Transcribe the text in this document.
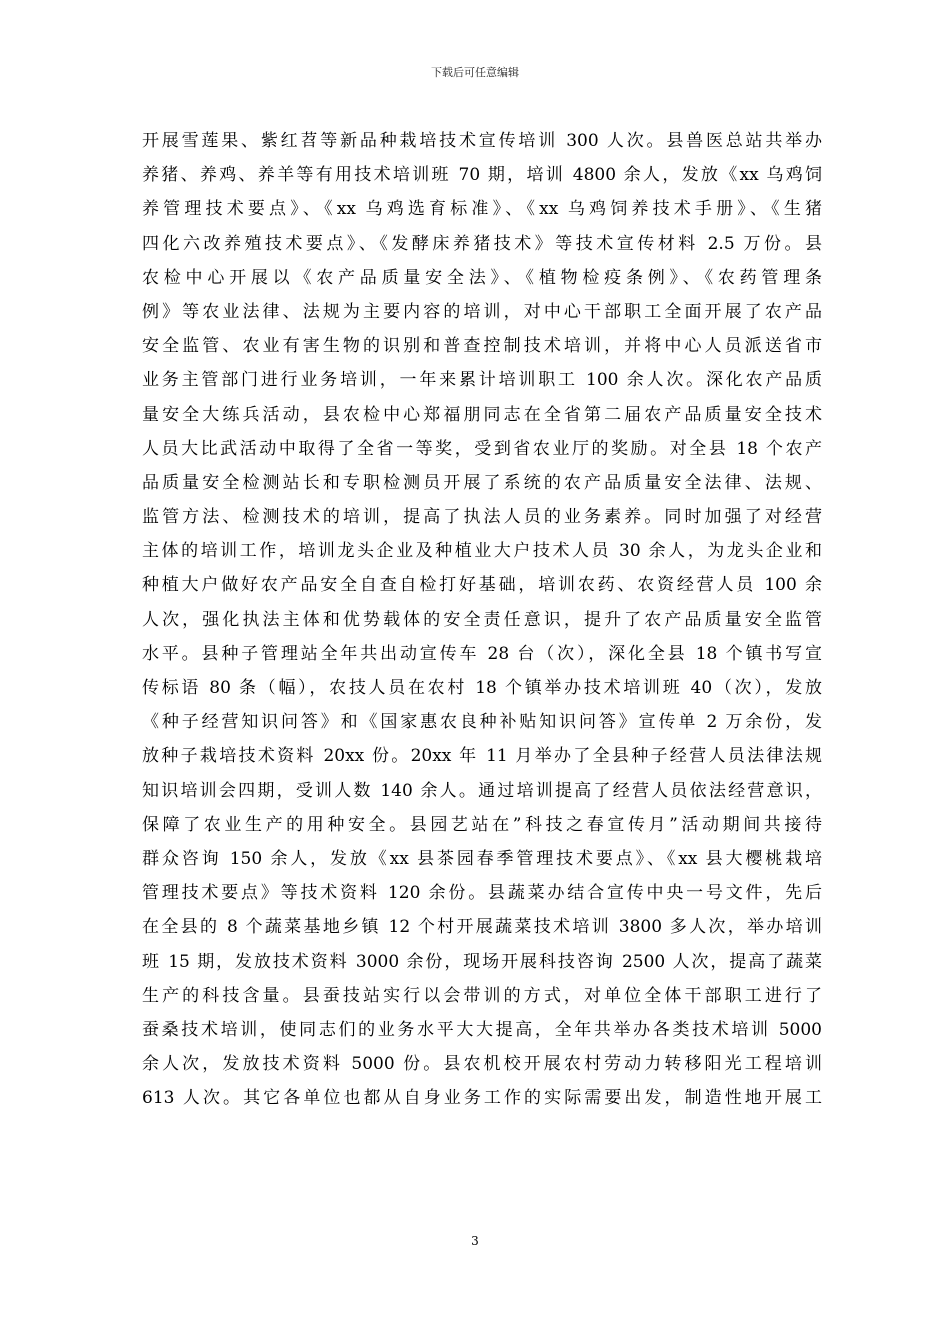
下载后可任意编辑
开展雪莲果、紫红苕等新品种栽培技术宣传培训 300 人次。县兽医总站共举办
养猪、养鸡、养羊等有用技术培训班 70 期，培训 4800 余人，发放《xx 乌鸡饲
养管理技术要点》、《xx 乌鸡选育标准》、《xx 乌鸡饲养技术手册》、《生猪
四化六改养殖技术要点》、《发酵床养猪技术》等技术宣传材料 2.5 万份。县
农检中心开展以《农产品质量安全法》、《植物检疫条例》、《农药管理条
例》等农业法律、法规为主要内容的培训，对中心干部职工全面开展了农产品
安全监管、农业有害生物的识别和普查控制技术培训，并将中心人员派送省市
业务主管部门进行业务培训，一年来累计培训职工 100 余人次。深化农产品质
量安全大练兵活动，县农检中心郑福朋同志在全省第二届农产品质量安全技术
人员大比武活动中取得了全省一等奖，受到省农业厅的奖励。对全县 18 个农产
品质量安全检测站长和专职检测员开展了系统的农产品质量安全法律、法规、
监管方法、检测技术的培训，提高了执法人员的业务素养。同时加强了对经营
主体的培训工作，培训龙头企业及种植业大户技术人员 30 余人，为龙头企业和
种植大户做好农产品安全自查自检打好基础，培训农药、农资经营人员 100 余
人次，强化执法主体和优势载体的安全责任意识，提升了农产品质量安全监管
水平。县种子管理站全年共出动宣传车 28 台（次），深化全县 18 个镇书写宣
传标语 80 条（幅），农技人员在农村 18 个镇举办技术培训班 40（次），发放
《种子经营知识问答》和《国家惠农良种补贴知识问答》宣传单 2 万余份，发
放种子栽培技术资料 20xx 份。20xx 年 11 月举办了全县种子经营人员法律法规
知识培训会四期，受训人数 140 余人。通过培训提高了经营人员依法经营意识，
保障了农业生产的用种安全。县园艺站在”科技之春宣传月”活动期间共接待
群众咨询 150 余人，发放《xx 县茶园春季管理技术要点》、《xx 县大樱桃栽培
管理技术要点》等技术资料 120 余份。县蔬菜办结合宣传中央一号文件，先后
在全县的 8 个蔬菜基地乡镇 12 个村开展蔬菜技术培训 3800 多人次，举办培训
班 15 期，发放技术资料 3000 余份，现场开展科技咨询 2500 人次，提高了蔬菜
生产的科技含量。县蚕技站实行以会带训的方式，对单位全体干部职工进行了
蚕桑技术培训，使同志们的业务水平大大提高，全年共举办各类技术培训 5000
余人次，发放技术资料 5000 份。县农机校开展农村劳动力转移阳光工程培训
613 人次。其它各单位也都从自身业务工作的实际需要出发，制造性地开展工
3
